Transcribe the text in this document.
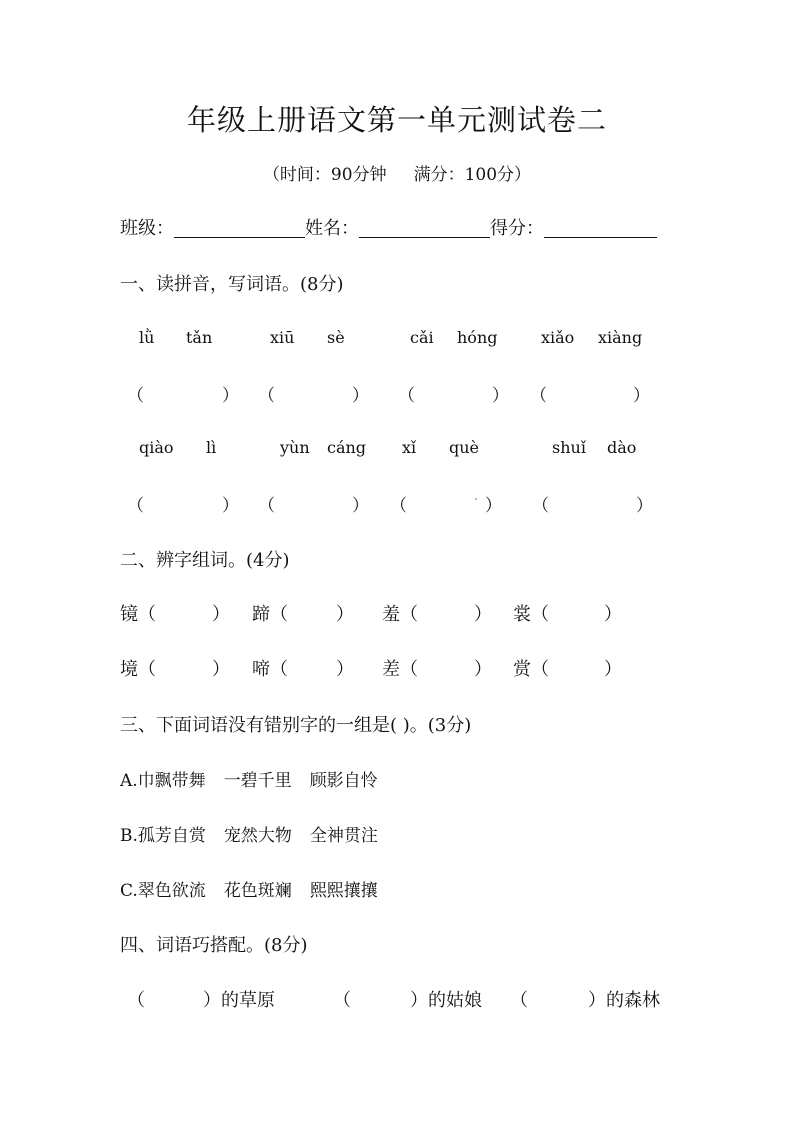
年级上册语文第一单元测试卷二
（时间：90分钟     满分：100分）
班级：	姓名：	得分：
一、读拼音，写词语。(8分)
lǜ tǎn	xiū sè	cǎi hóng	xiǎo xiàng
（	） （	） （	） （	）
qiào lì	yùn cáng xǐ què	shuǐ dào
（	） （	） （	） （	）
二、辨字组词。(4分)
镜（	） 蹄（	） 羞（	） 裳（	）
境（	） 啼（	） 差（	） 赏（	）
三、下面词语没有错别字的一组是( )。(3分)
A.巾飘带舞 一碧千里 顾影自怜
B.孤芳自赏 宠然大物 全神贯注
C.翠色欲流 花色斑斓 熙熙攘攘
四、词语巧搭配。(8分)
（	）的草原	（	）的姑娘 （	）的森林
